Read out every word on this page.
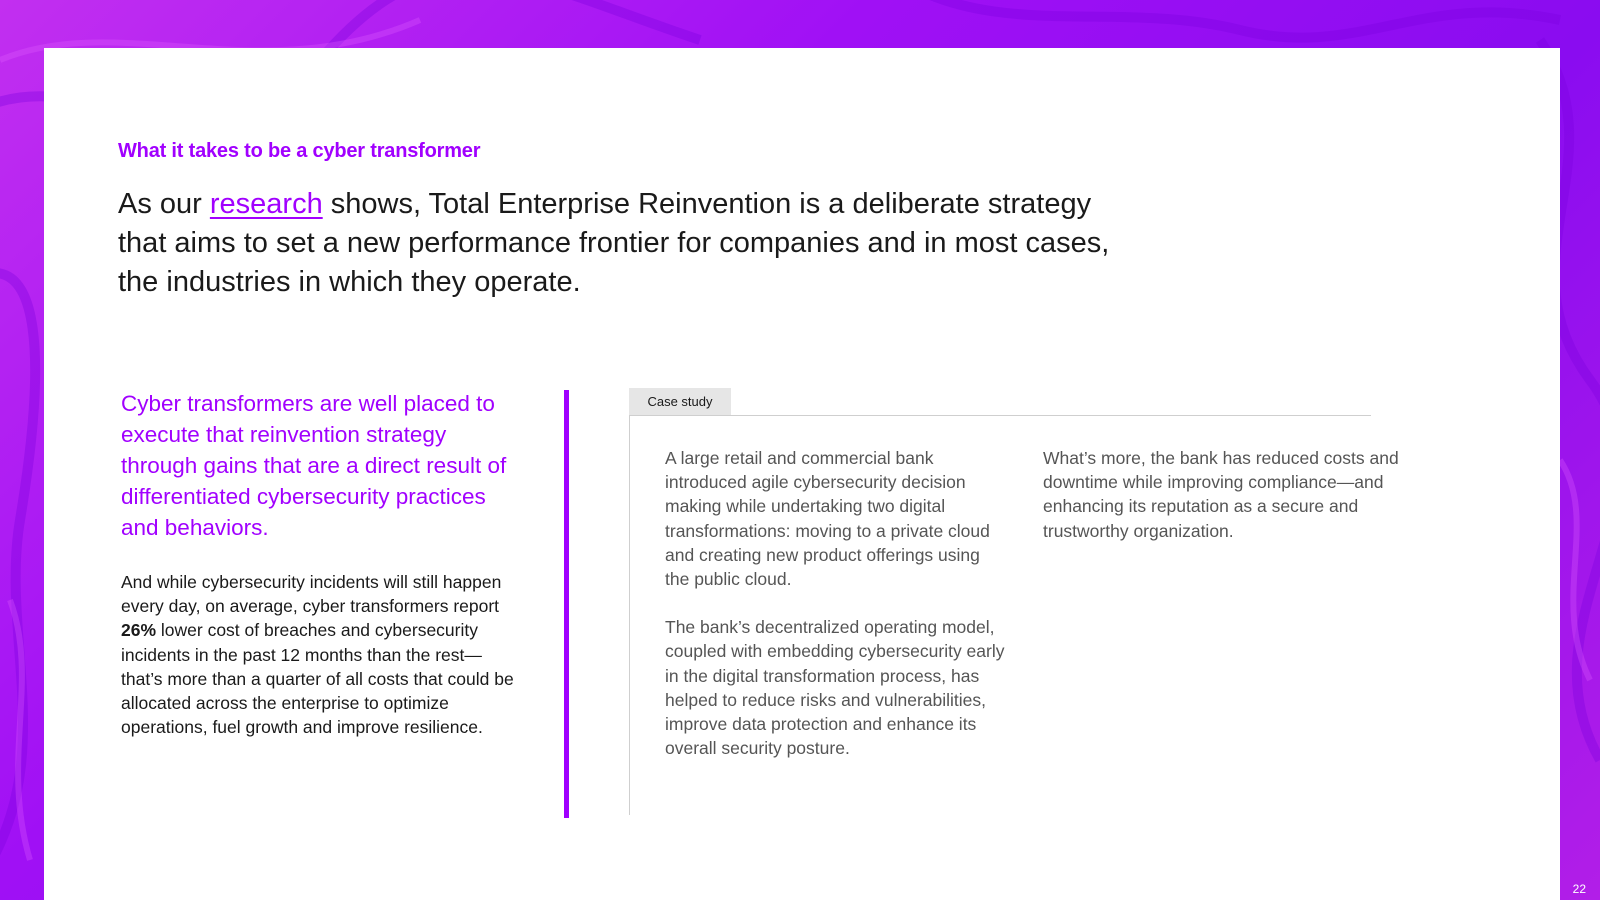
What it takes to be a cyber transformer
As our research shows, Total Enterprise Reinvention is a deliberate strategy that aims to set a new performance frontier for companies and in most cases, the industries in which they operate.
Cyber transformers are well placed to execute that reinvention strategy through gains that are a direct result of differentiated cybersecurity practices and behaviors.
And while cybersecurity incidents will still happen every day, on average, cyber transformers report 26% lower cost of breaches and cybersecurity incidents in the past 12 months than the rest—that’s more than a quarter of all costs that could be allocated across the enterprise to optimize operations, fuel growth and improve resilience.
Case study

A large retail and commercial bank introduced agile cybersecurity decision making while undertaking two digital transformations: moving to a private cloud and creating new product offerings using the public cloud.

The bank’s decentralized operating model, coupled with embedding cybersecurity early in the digital transformation process, has helped to reduce risks and vulnerabilities, improve data protection and enhance its overall security posture.

What’s more, the bank has reduced costs and downtime while improving compliance—and enhancing its reputation as a secure and trustworthy organization.

22
